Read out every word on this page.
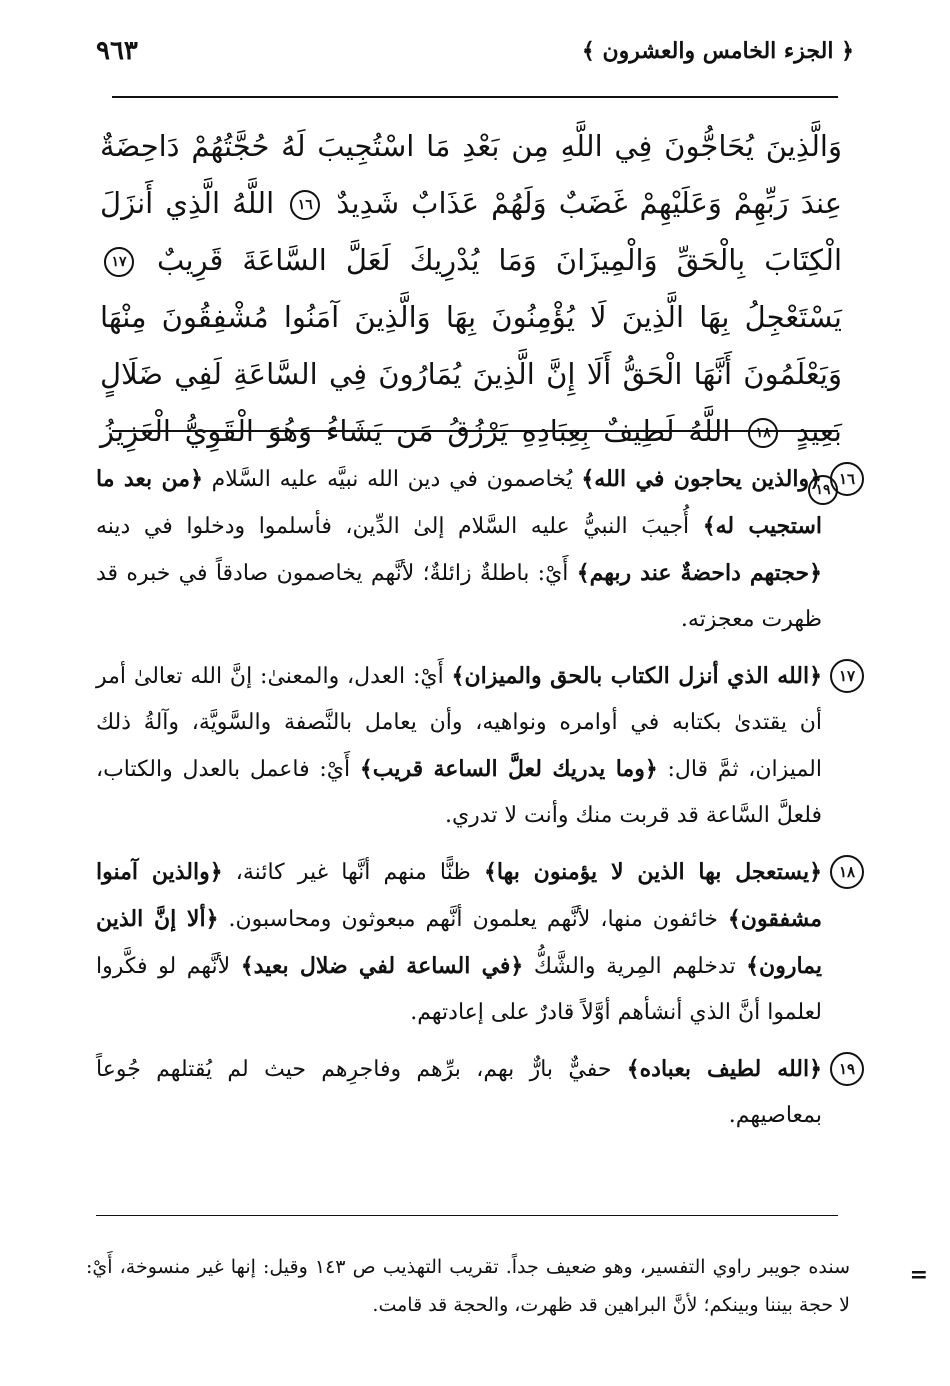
﴿ الجزء الخامس والعشرون ﴾
٩٦٣

وَالَّذِينَ يُحَاجُّونَ فِي اللَّهِ مِن بَعْدِ مَا اسْتُجِيبَ لَهُ حُجَّتُهُمْ دَاحِضَةٌ عِندَ رَبِّهِمْ وَعَلَيْهِمْ غَضَبٌ وَلَهُمْ عَذَابٌ شَدِيدٌ ١٦ اللَّهُ الَّذِي أَنزَلَ الْكِتَابَ بِالْحَقِّ وَالْمِيزَانَ وَمَا يُدْرِيكَ لَعَلَّ السَّاعَةَ قَرِيبٌ ١٧ يَسْتَعْجِلُ بِهَا الَّذِينَ لَا يُؤْمِنُونَ بِهَا وَالَّذِينَ آمَنُوا مُشْفِقُونَ مِنْهَا وَيَعْلَمُونَ أَنَّهَا الْحَقُّ أَلَا إِنَّ الَّذِينَ يُمَارُونَ فِي السَّاعَةِ لَفِي ضَلَالٍ بَعِيدٍ ١٨ اللَّهُ لَطِيفٌ بِعِبَادِهِ يَرْزُقُ مَن يَشَاءُ وَهُوَ الْقَوِيُّ الْعَزِيزُ ١٩

١٦

﴿والذين يحاجون في الله﴾ يُخاصمون في دين الله نبيَّه عليه السَّلام ﴿من بعد ما استجيب له﴾ أُجيبَ النبيُّ عليه السَّلام إلىٰ الدِّين، فأسلموا ودخلوا في دينه ﴿حجتهم داحضةٌ عند ربهم﴾ أَيْ: باطلةٌ زائلةٌ؛ لأنَّهم يخاصمون صادقاً في خبره قد ظهرت معجزته.

١٧

﴿الله الذي أنزل الكتاب بالحق والميزان﴾ أَيْ: العدل، والمعنىٰ: إنَّ الله تعالىٰ أمر أن يقتدىٰ بكتابه في أوامره ونواهيه، وأن يعامل بالنَّصفة والسَّويَّة، وآلةُ ذلك الميزان، ثمَّ قال: ﴿وما يدريك لعلَّ الساعة قريب﴾ أَيْ: فاعمل بالعدل والكتاب، فلعلَّ السَّاعة قد قربت منك وأنت لا تدري.

١٨

﴿يستعجل بها الذين لا يؤمنون بها﴾ ظنًّا منهم أنَّها غير كائنة، ﴿والذين آمنوا مشفقون﴾ خائفون منها، لأنَّهم يعلمون أنَّهم مبعوثون ومحاسبون. ﴿ألا إنَّ الذين يمارون﴾ تدخلهم المِرية والشَّكُّ ﴿في الساعة لفي ضلال بعيد﴾ لأنَّهم لو فكَّروا لعلموا أنَّ الذي أنشأهم أوَّلاً قادرٌ على إعادتهم.

١٩

﴿الله لطيف بعباده﴾ حفيٌّ بارٌّ بهم، برِّهم وفاجرِهم حيث لم يُقتلهم جُوعاً بمعاصيهم.

=
سنده جويبر راوي التفسير، وهو ضعيف جداً. تقريب التهذيب ص ١٤٣ وقيل: إنها غير منسوخة، أَيْ: لا حجة بيننا وبينكم؛ لأنَّ البراهين قد ظهرت، والحجة قد قامت.
